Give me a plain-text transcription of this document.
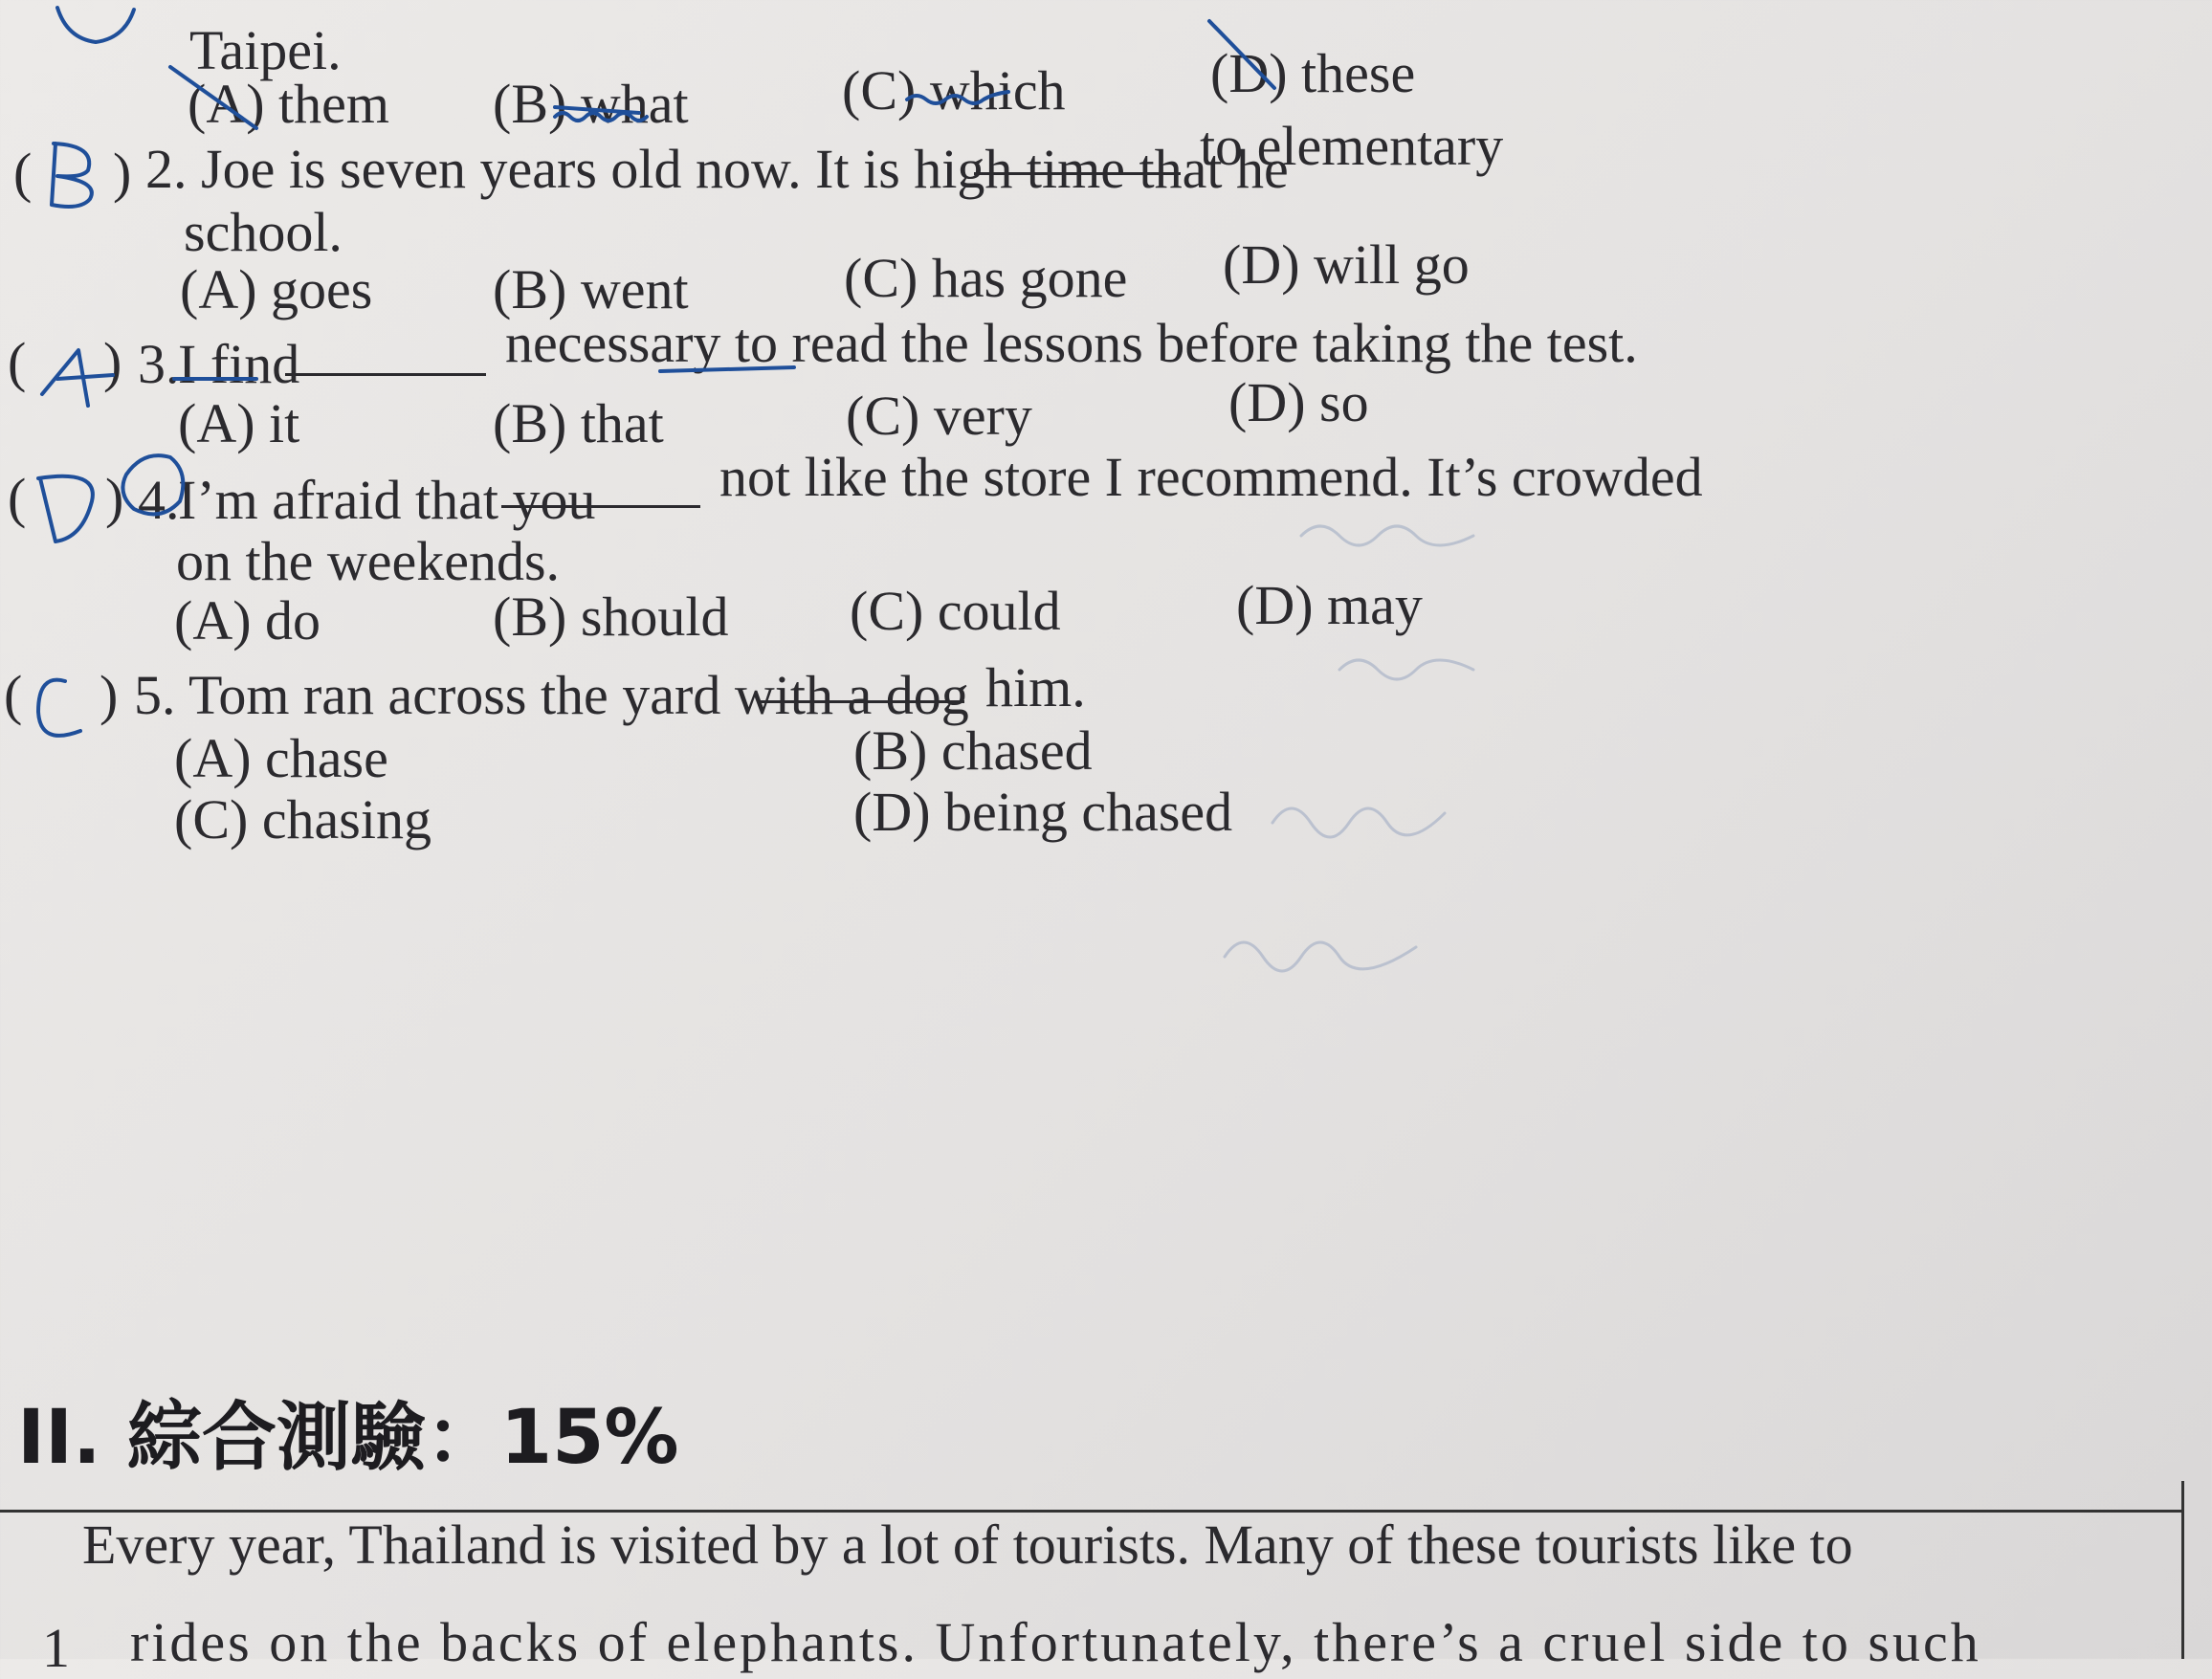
Taipei.
(A) them (B) what	(C) which	(D) these
( ) 2. Joe is seven years old now. It is high time that he
to elementary
school.
(A) goes (B) went	(C) has gone (D) will go
( ) 3.
I find	necessary to read the lessons before taking the test.
(A) it	(B) that	(C) very	(D) so
( ) 4.
I’m afraid that you not like the store I recommend. It’s crowded
on the weekends.
(A) do	(B) should (C) could	(D) may
( ) 5. Tom ran across the yard with a dog him.
(A) chase	(B) chased
(C) chasing	(D) being chased
II. 綜合測驗：15%
Every year, Thailand is visited by a lot of tourists. Many of these tourists like to
1 rides on the backs of elephants. Unfortunately, there’s a cruel side to such
